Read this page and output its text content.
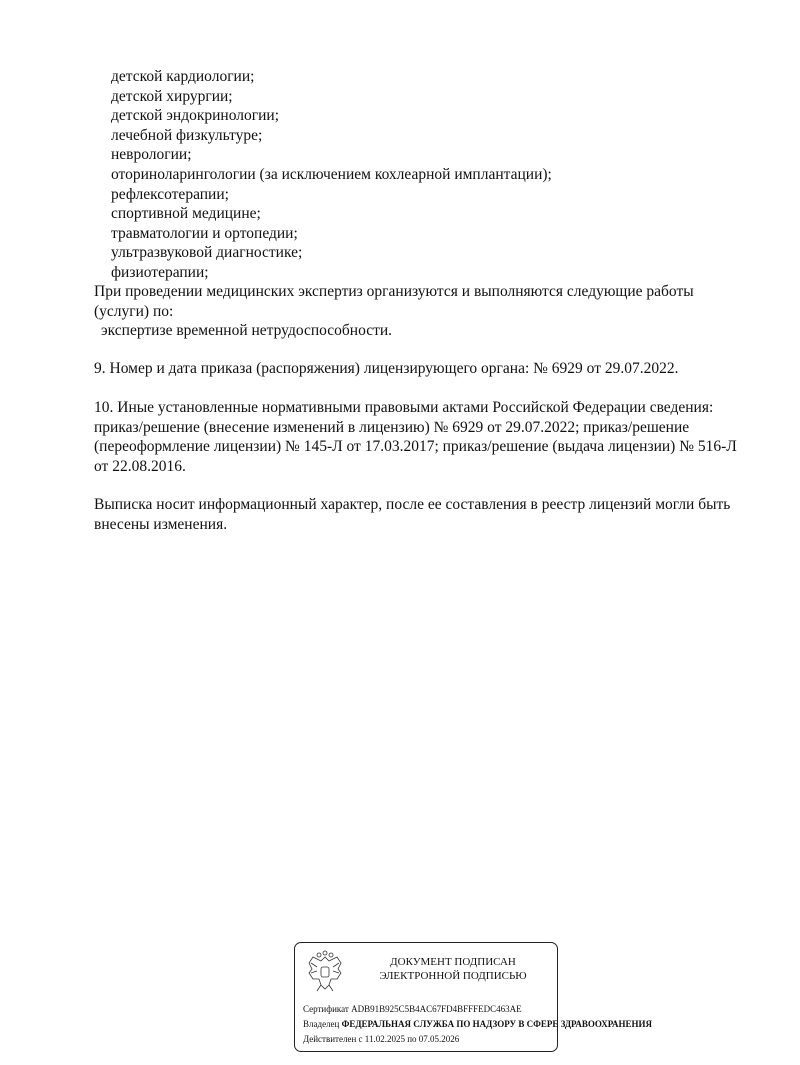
детской кардиологии;
детской хирургии;
детской эндокринологии;
лечебной физкультуре;
неврологии;
оториноларингологии (за исключением кохлеарной имплантации);
рефлексотерапии;
спортивной медицине;
травматологии и ортопедии;
ультразвуковой диагностике;
физиотерапии;
При проведении медицинских экспертиз организуются и выполняются следующие работы
(услуги) по:
экспертизе временной нетрудоспособности.
9. Номер и дата приказа (распоряжения) лицензирующего органа: № 6929 от 29.07.2022.
10. Иные установленные нормативными правовыми актами Российской Федерации сведения:
приказ/решение (внесение изменений в лицензию) № 6929 от 29.07.2022; приказ/решение
(переоформление лицензии) № 145-Л от 17.03.2017; приказ/решение (выдача лицензии) № 516-Л
от 22.08.2016.
Выписка носит информационный характер, после ее составления в реестр лицензий могли быть
внесены изменения.
ДОКУМЕНТ ПОДПИСАН
ЭЛЕКТРОННОЙ ПОДПИСЬЮ
Сертификат ADB91B925C5B4AC67FD4BFFFEDC463AE
Владелец ФЕДЕРАЛЬНАЯ СЛУЖБА ПО НАДЗОРУ В СФЕРЕ ЗДРАВООХРАНЕНИЯ
Действителен с 11.02.2025 по 07.05.2026
